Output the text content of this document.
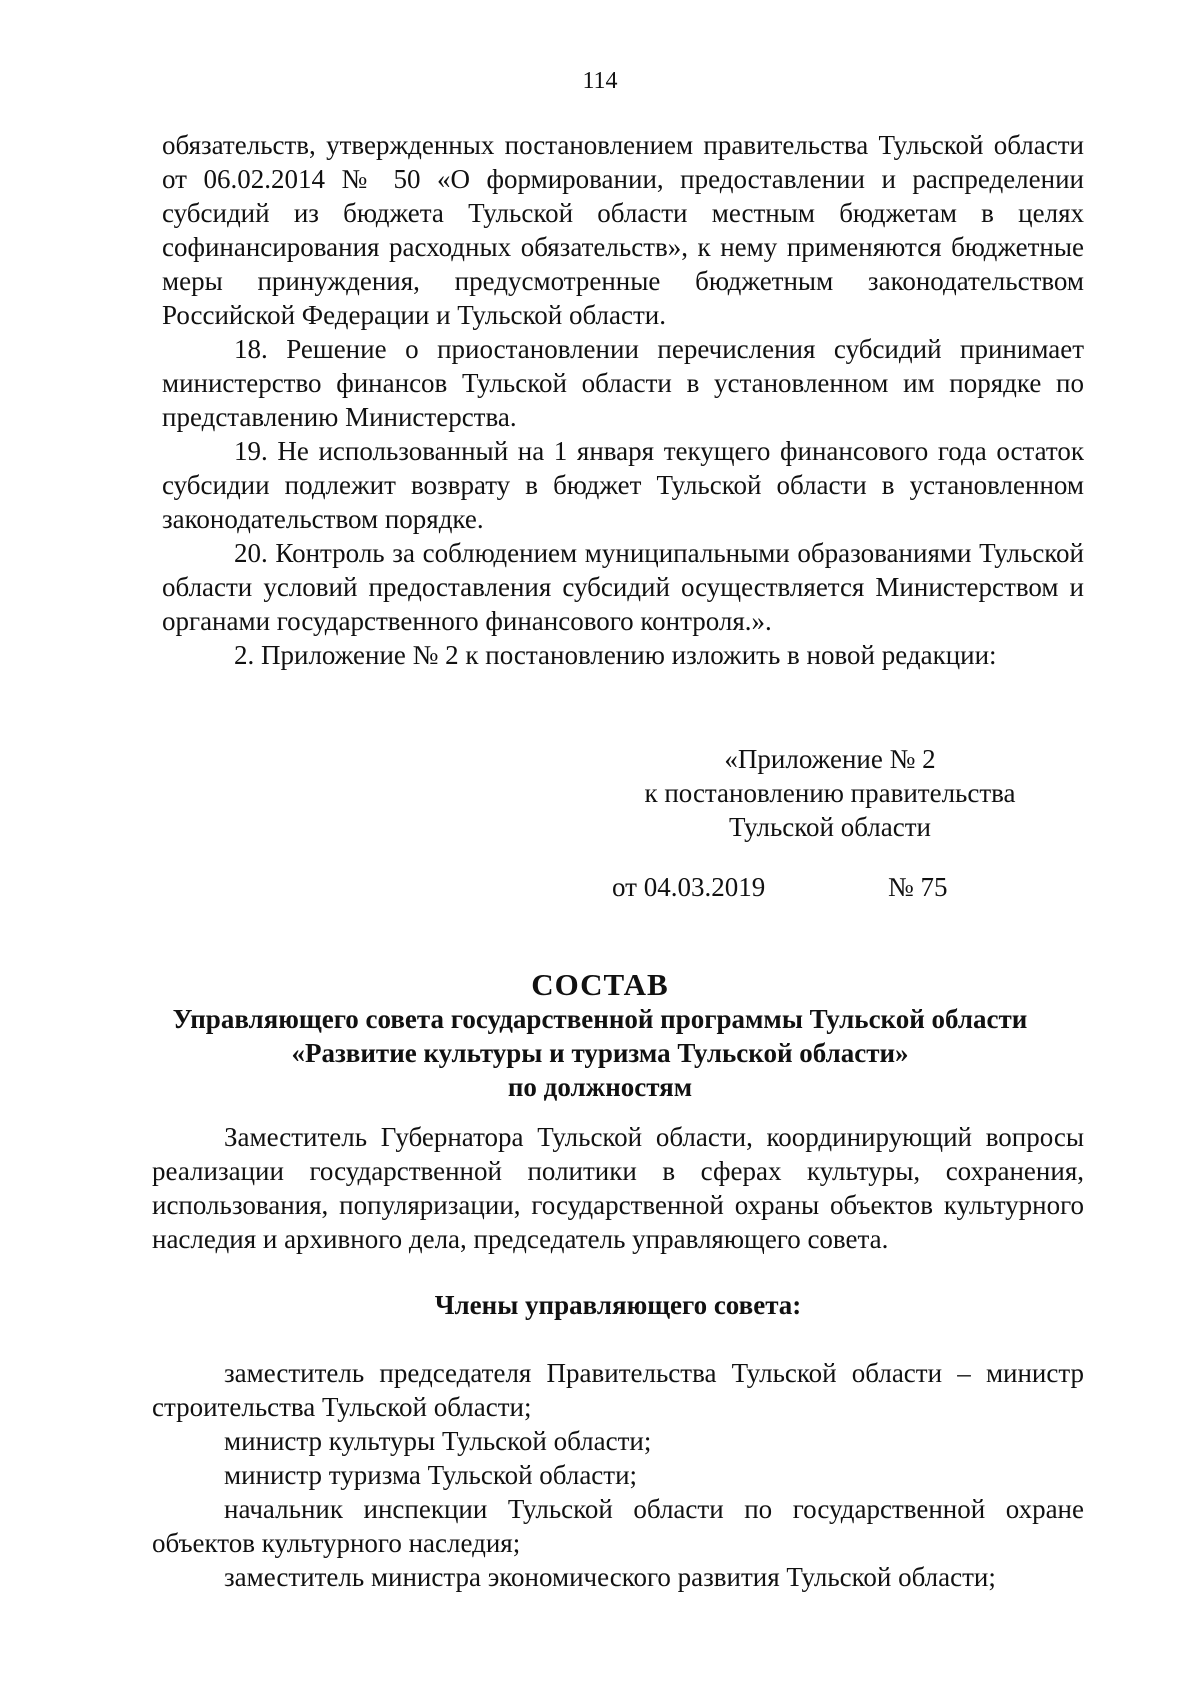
114

обязательств, утвержденных постановлением правительства Тульской области от 06.02.2014 № 50 «О формировании, предоставлении и распределении субсидий из бюджета Тульской области местным бюджетам в целях софинансирования расходных обязательств», к нему применяются бюджетные меры принуждения, предусмотренные бюджетным законодательством Российской Федерации и Тульской области.

18. Решение о приостановлении перечисления субсидий принимает министерство финансов Тульской области в установленном им порядке по представлению Министерства.

19. Не использованный на 1 января текущего финансового года остаток субсидии подлежит возврату в бюджет Тульской области в установленном законодательством порядке.

20. Контроль за соблюдением муниципальными образованиями Тульской области условий предоставления субсидий осуществляется Министерством и органами государственного финансового контроля.».

2. Приложение № 2 к постановлению изложить в новой редакции:

«Приложение № 2
к постановлению правительства
Тульской области
от 04.03.2019	№ 75
СОСТАВ
Управляющего совета государственной программы Тульской области
«Развитие культуры и туризма Тульской области»
по должностям

Заместитель Губернатора Тульской области, координирующий вопросы реализации государственной политики в сферах культуры, сохранения, использования, популяризации, государственной охраны объектов культурного наследия и архивного дела, председатель управляющего совета.

Члены управляющего совета:

заместитель председателя Правительства Тульской области – министр строительства Тульской области;

министр культуры Тульской области;

министр туризма Тульской области;

начальник инспекции Тульской области по государственной охране объектов культурного наследия;

заместитель министра экономического развития Тульской области;
